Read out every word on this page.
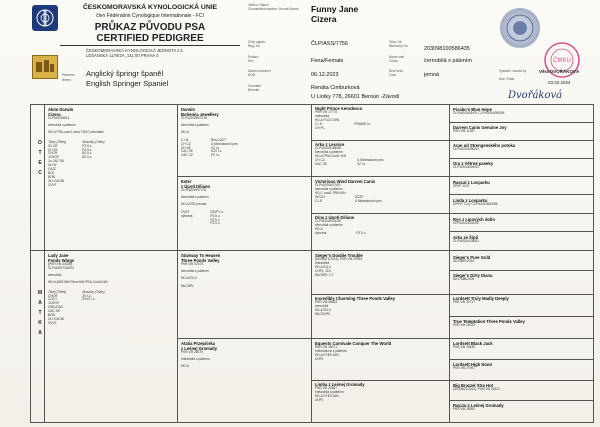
ČESKOMORAVSKÁ KYNOLOGICKÁ UNIE
člen Fédération Cynologique Internationale - FCI
PRŮKAZ PŮVODU PSA
CERTIFIED PEDIGREE
ČESKOMORAVSKÁ KYNOLOGICKÁ JEDNOTA z.s.
LEŠANSKÁ 1176/2A, 141 00 PRAHA 4
Plemeno
Breed
Anglický špringr španěl
English Springer Spaniel
Jméno / Name
Chovatelská stanice / Kennel Name Funny Jane
Cizera
Číslo zápisu
Reg. No.	ČLP/ASS/7756	Tetov. Nr.
Microchip No.	203098100586435
Pohlaví
Sex	Fena/Female
Barva srsti
Colour	černobílá s pálením
Datum narození
DOB	06.12.2023
Druh srsti
Coat	jemná
Chovatel
Breeder	Renáta Cimburková
U Liotky 778, 26601 Beroun -Závodí
ČMKU
Vystavil / Issued by	Věra DVOŘÁKOVÁ
Dne / Date
03.02.2024
Dvořáková
O T E C
M A T K A
Akim Darwin
Cizera
ČLP/ASS/6814
černobílá s pálením
HD-A PRA-cord1 clear FUCO přenašeč
Tituly (Titles)
Ch CR
CH SK
CHCR
JCHCR
Ju CAC SK
2x HV
CAJC
BOJ
BOB
3x r.CACIB
OVVT
Zkoušky (Trials)
PZ II.c.
PZ II.c.
BZ II.c.
BZ II.c.
Lady Jane
Fonds Wings
(PKR.VIII-43028)
ČLP/ASS/7345/22
černobílá
HD-A AMS:N/N Pecn:N/N PRA-Cord1:N/N
Tituly (Titles)
CHCR
CJCH
JCHCR
CWC/CAC
CAC SK
BOB
2x r.CACIB
OVVT
Zkoušky (Trials)
ZV I.c.
ZVVZ I.c.
Darwin
Bohemia Jewellery
ČLP/ASS/5570/16
černobílá s pálením
HD-A
C.I.B.
CH CZ
CH SK
CAC SK
CAC CZ
Res.CACT
U.Mezinárodní pes
VZ I.c.
KZV I.c.
PZ I.c.
Ester
z Úpotí Diliano
ČLP/ASS/5477/11
černobílá s pálením
HD-A DON prostá
OVVT
výborná
SZVP I.c.
PZ II.c.
PZ II.c.
PZ II.c.
Stairway To Heaven
Three Ponds Valley
PKR.VIII 37673
černobílá s pálením
HD-A ED-0
MLCHPL
Atalia Przepiórka
z Leśnej Gromady
PKR.VIII 28179
hnědobílá s pálením
HD-A
Night Prince Aerodesco
PKR.VIII 17775
hnědobílá
HD-A FUCO-N/N
C.I.E.
CH PL
PRAMR I.c.
Arka z Lesnice
ČLP/ASS/5185/08
černobílá s pálením
HD-A PRA-Cord1 N/N
CH CZ
CAC SK
U.Mezinárodní pes
VZ I.c.
Victorious Wind Darrem Canis
ČLP/ASS/5473/01
černobílá s pálením
HD-C cord1 PRA:N/N
INTCH
C.I.E.
ÚČSF
U.Mezinárodní pes
Dina z Úpotí Diliano
ČLP/ASS/5191/08
černobílá s pálením
HD-A
výborná	PZ II.c.
Sieger's Double Trouble
(DK08671/2013), PKR.VIII 29954
hnědobílá
HD-A EQ-0
CHPL, JCh
MLOSPL C.T
Incredibly Charming Three Ponds Valley
PKR.VIII-36615
černobílá
HD-A ED-0
MLOCHPL
Equests Carnivale Conquer The World
PKR.VIII 18071
hnědočerná s pálením
HD-A EYES-N/N
CHPL
Limba z Leśnej Gromady
PKR.VIII 22687
hnědobílá s pálením
HD-A EYES-N/N
CHPL
Picabo's Blue Hope
CLP/AS/3903/05, ČLP/ASS/4055/05
Darrem Canis Genuine Joy
PKR.VIII-11397
Aran od Strengenského potoka
CLP/ASS/4390/01
Ora z Větrné paseky
ČLP/ASS/4004/93
Rascal z Lovparku
SPKP 1047
Linda z Lovparku
(SPKP 714), ČLP/ASS/3633/95
Ryo z Lipových dolin
ČLP/ASS/4332/02
Arka ze Šípů
ČLP/ASS/4136/01
Sieger's Pure Gold
DK20887/2010
Sieger's Dirty Diana
DK17386/2009
Lordsett Truly Madly Deeply
PKR.VIII 32717
True Temptation Three Ponds Valley
PKR.VIII 25125
Lordsett Black Jack
PKR.VIII 26435
Lordsett High Noon
PKR.VIII 27097
Big Brazzel Xtra Hot
(SE33813/2012), PKR.VIII 30121
Rajczu z Leśnej Gromady
PKR.VIII 28392
